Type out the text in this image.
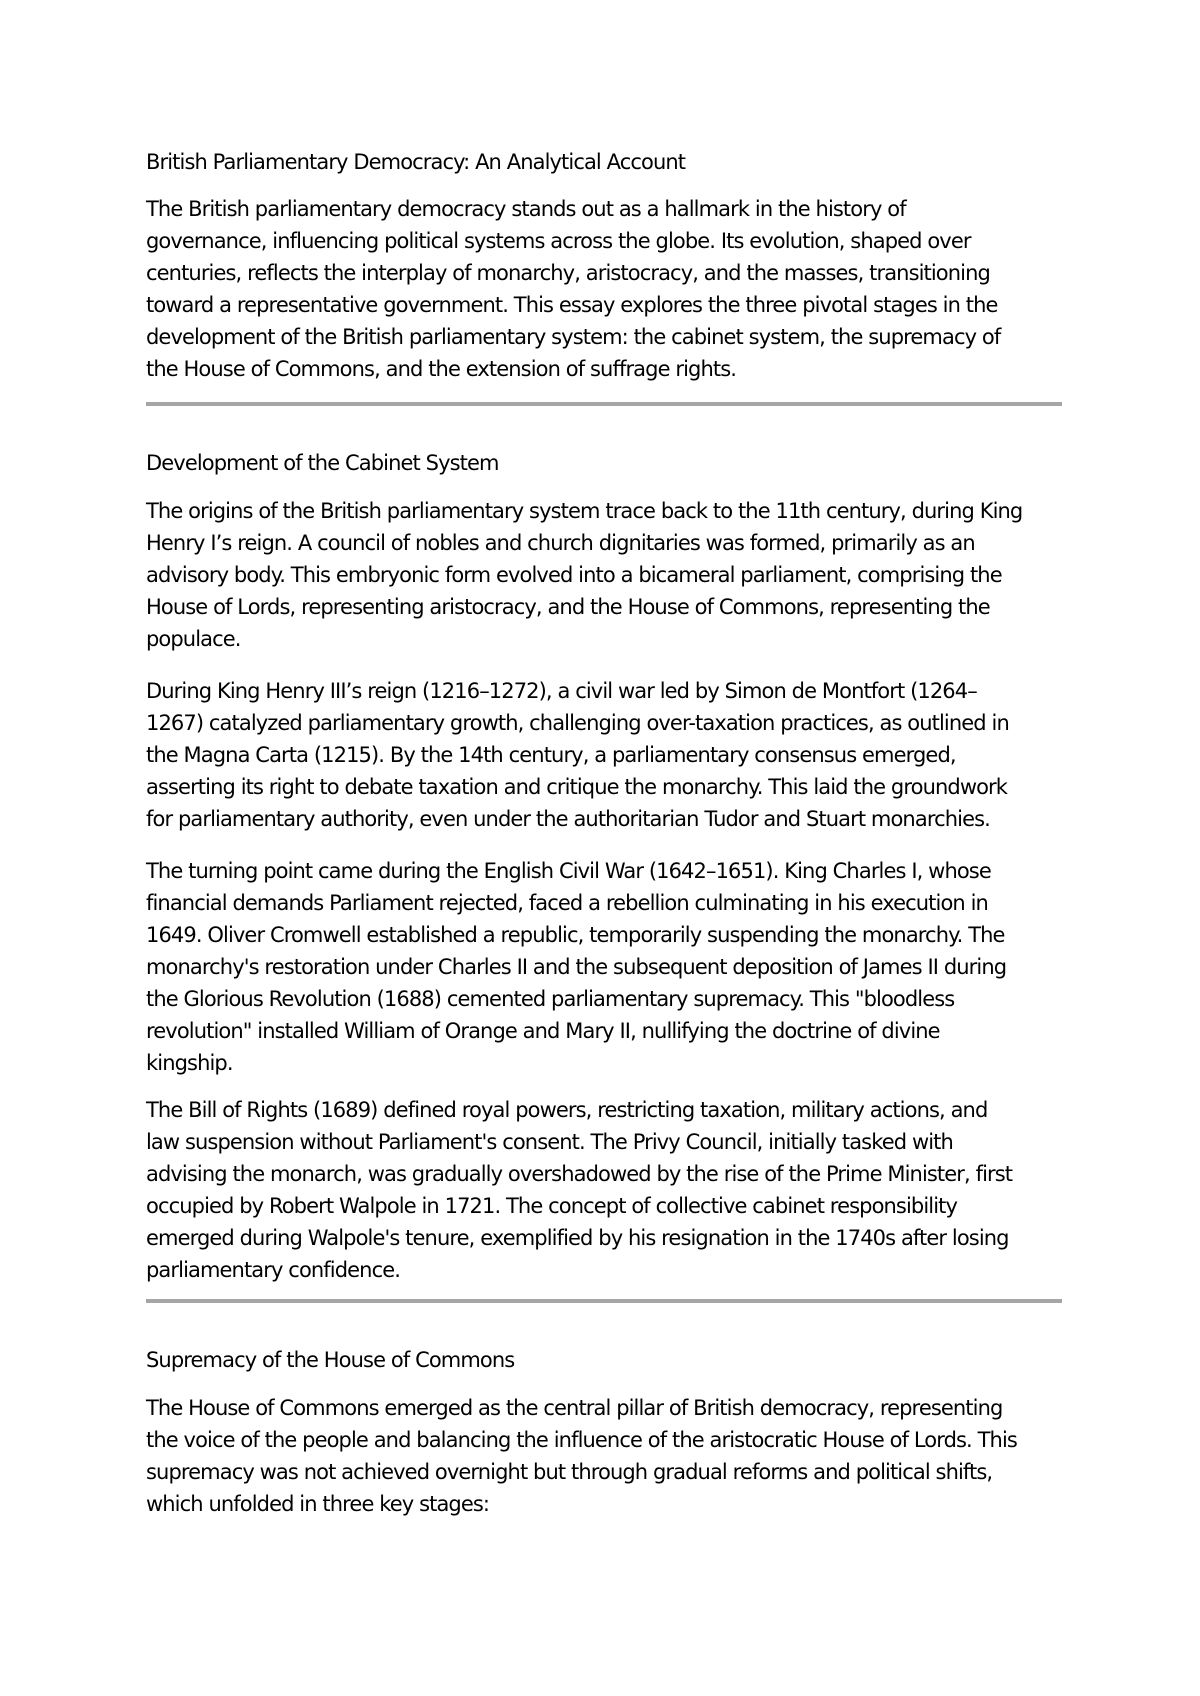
British Parliamentary Democracy: An Analytical Account
The British parliamentary democracy stands out as a hallmark in the history of
governance, influencing political systems across the globe. Its evolution, shaped over
centuries, reflects the interplay of monarchy, aristocracy, and the masses, transitioning
toward a representative government. This essay explores the three pivotal stages in the
development of the British parliamentary system: the cabinet system, the supremacy of
the House of Commons, and the extension of suffrage rights.
Development of the Cabinet System
The origins of the British parliamentary system trace back to the 11th century, during King
Henry I’s reign. A council of nobles and church dignitaries was formed, primarily as an
advisory body. This embryonic form evolved into a bicameral parliament, comprising the
House of Lords, representing aristocracy, and the House of Commons, representing the
populace.
During King Henry III’s reign (1216–1272), a civil war led by Simon de Montfort (1264–
1267) catalyzed parliamentary growth, challenging over-taxation practices, as outlined in
the Magna Carta (1215). By the 14th century, a parliamentary consensus emerged,
asserting its right to debate taxation and critique the monarchy. This laid the groundwork
for parliamentary authority, even under the authoritarian Tudor and Stuart monarchies.
The turning point came during the English Civil War (1642–1651). King Charles I, whose
financial demands Parliament rejected, faced a rebellion culminating in his execution in
1649. Oliver Cromwell established a republic, temporarily suspending the monarchy. The
monarchy's restoration under Charles II and the subsequent deposition of James II during
the Glorious Revolution (1688) cemented parliamentary supremacy. This "bloodless
revolution" installed William of Orange and Mary II, nullifying the doctrine of divine
kingship.
The Bill of Rights (1689) defined royal powers, restricting taxation, military actions, and
law suspension without Parliament's consent. The Privy Council, initially tasked with
advising the monarch, was gradually overshadowed by the rise of the Prime Minister, first
occupied by Robert Walpole in 1721. The concept of collective cabinet responsibility
emerged during Walpole's tenure, exemplified by his resignation in the 1740s after losing
parliamentary confidence.
Supremacy of the House of Commons
The House of Commons emerged as the central pillar of British democracy, representing
the voice of the people and balancing the influence of the aristocratic House of Lords. This
supremacy was not achieved overnight but through gradual reforms and political shifts,
which unfolded in three key stages:
